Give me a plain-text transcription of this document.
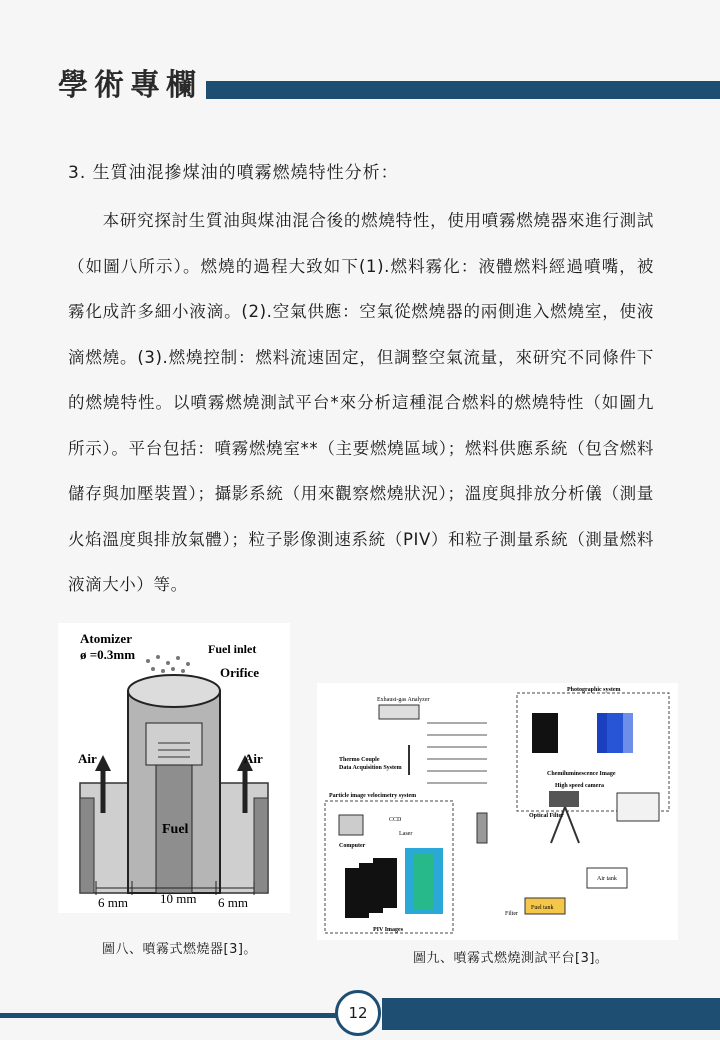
學術專欄
3. 生質油混摻煤油的噴霧燃燒特性分析：

本研究探討生質油與煤油混合後的燃燒特性，使用噴霧燃燒器來進行測試（如圖八所示）。燃燒的過程大致如下(1).燃料霧化：液體燃料經過噴嘴，被霧化成許多細小液滴。(2).空氣供應：空氣從燃燒器的兩側進入燃燒室，使液滴燃燒。(3).燃燒控制：燃料流速固定，但調整空氣流量，來研究不同條件下的燃燒特性。以噴霧燃燒測試平台*來分析這種混合燃料的燃燒特性（如圖九所示）。平台包括：噴霧燃燒室**（主要燃燒區域）；燃料供應系統（包含燃料儲存與加壓裝置）；攝影系統（用來觀察燃燒狀況）；溫度與排放分析儀（測量火焰溫度與排放氣體）；粒子影像測速系統（PIV）和粒子測量系統（測量燃料液滴大小）等。

Atomizer
ø =0.3mm	Fuel inlet
Orifice
Air	Air
Fuel
6 mm 10 mm 6 mm
Exhaust-gas Analyzer
Photographic system
Thermo Couple
Data Acquisition System
Chemiluminescence Image
Particle image velocimetry system
CCD
Laser
High speed camera
Optical Filter
Computer
Air tank
Fuel tank
Filter
PIV Images
圖八、噴霧式燃燒器[3]。
圖九、噴霧式燃燒測試平台[3]。
12
